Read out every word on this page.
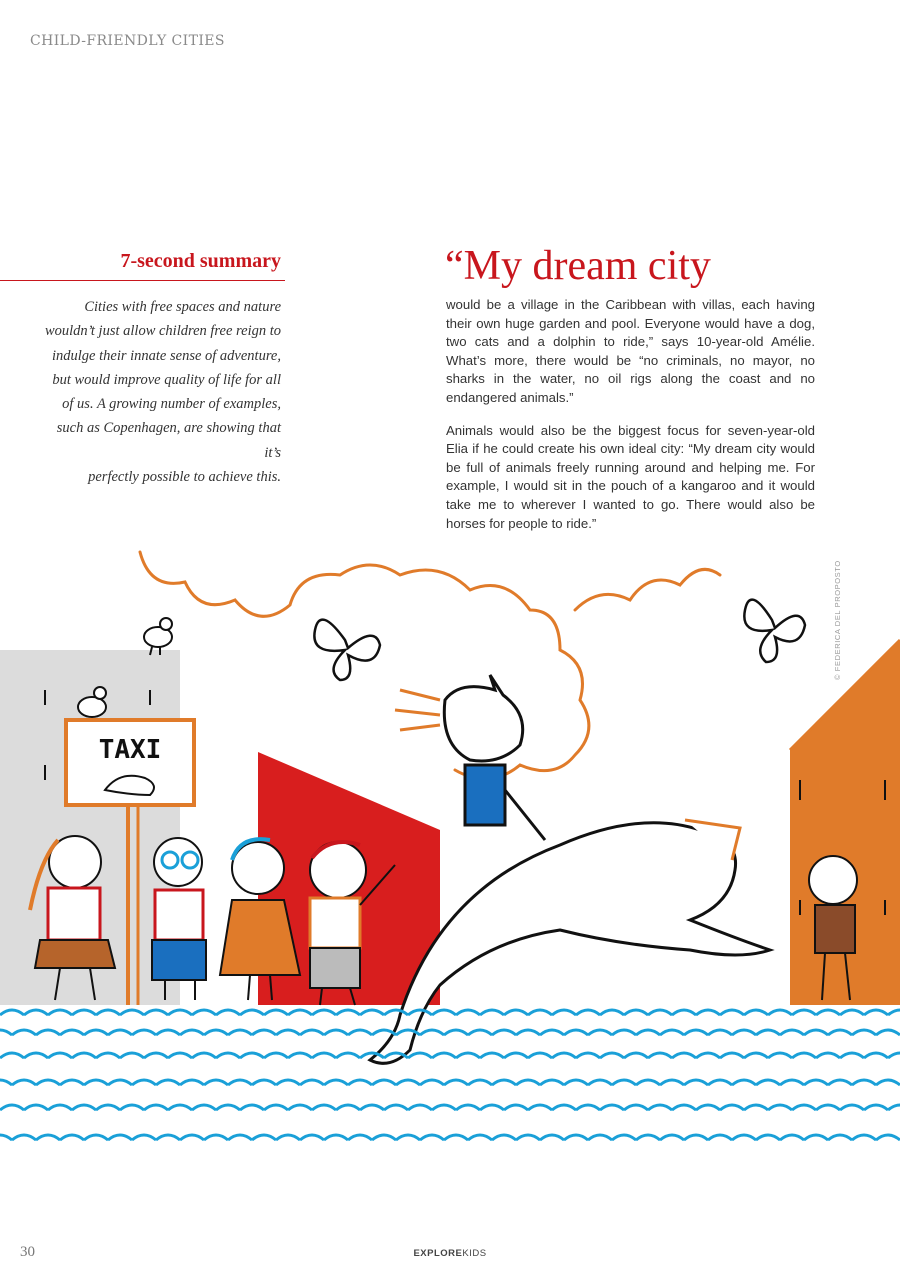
CHILD-FRIENDLY CITIES
7-second summary
Cities with free spaces and nature
wouldn’t just allow children free reign to
indulge their innate sense of adventure,
but would improve quality of life for all
of us. A growing number of examples,
such as Copenhagen, are showing that it’s
perfectly possible to achieve this.
“My dream city

would be a village in the Caribbean with villas, each having their own huge garden and pool. Everyone would have a dog, two cats and a dolphin to ride,” says 10-year-old Amélie. What’s more, there would be “no criminals, no mayor, no sharks in the water, no oil rigs along the coast and no endangered animals.”

Animals would also be the biggest focus for seven-year-old Elia if he could create his own ideal city: “My dream city would be full of animals freely running around and helping me. For example, I would sit in the pouch of a kangaroo and it would take me to wherever I wanted to go. There would also be horses for people to ride.”

TAXI
© FEDERICA DEL PROPOSTO
30	EXPLOREKIDS
